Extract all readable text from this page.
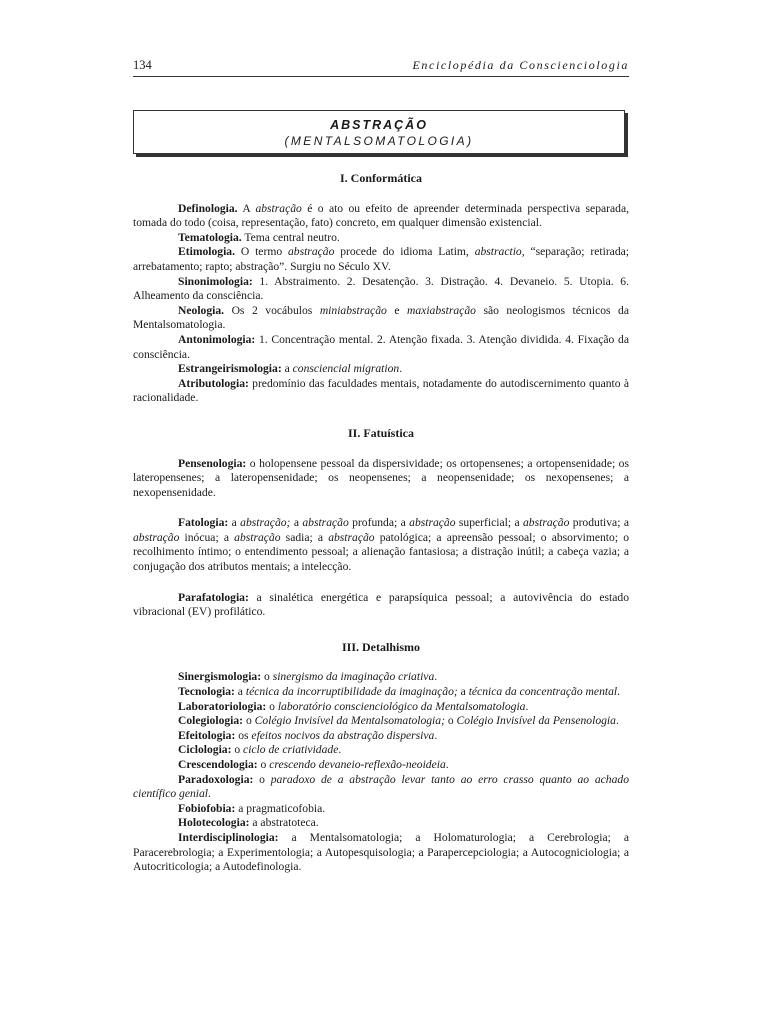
134	Enciclopédia da Conscienciologia
ABSTRAÇÃO
(MENTALSOMATOLOGIA)
I. Conformática

Definologia. A abstração é o ato ou efeito de apreender determinada perspectiva separada, tomada do todo (coisa, representação, fato) concreto, em qualquer dimensão existencial.

Tematologia. Tema central neutro.

Etimologia. O termo abstração procede do idioma Latim, abstractio, “separação; retirada; arrebatamento; rapto; abstração”. Surgiu no Século XV.

Sinonimologia: 1. Abstraimento. 2. Desatenção. 3. Distração. 4. Devaneio. 5. Utopia. 6. Alheamento da consciência.

Neologia. Os 2 vocábulos miniabstração e maxiabstração são neologismos técnicos da Mentalsomatologia.

Antonimologia: 1. Concentração mental. 2. Atenção fixada. 3. Atenção dividida. 4. Fixação da consciência.

Estrangeirismologia: a consciencial migration.

Atributologia: predomínio das faculdades mentais, notadamente do autodiscernimento quanto à racionalidade.

II. Fatuística

Pensenologia: o holopensene pessoal da dispersividade; os ortopensenes; a ortopensenidade; os lateropensenes; a lateropensenidade; os neopensenes; a neopensenidade; os nexopensenes; a nexopensenidade.

Fatologia: a abstração; a abstração profunda; a abstração superficial; a abstração produtiva; a abstração inócua; a abstração sadia; a abstração patológica; a apreensão pessoal; o absorvimento; o recolhimento íntimo; o entendimento pessoal; a alienação fantasiosa; a distração inútil; a cabeça vazia; a conjugação dos atributos mentais; a intelecção.

Parafatologia: a sinalética energética e parapsíquica pessoal; a autovivência do estado vibracional (EV) profilático.

III. Detalhismo

Sinergismologia: o sinergismo da imaginação criativa.

Tecnologia: a técnica da incorruptibilidade da imaginação; a técnica da concentração mental.

Laboratoriologia: o laboratório conscienciológico da Mentalsomatologia.

Colegiologia: o Colégio Invisível da Mentalsomatologia; o Colégio Invisível da Pensenologia.

Efeitologia: os efeitos nocivos da abstração dispersiva.

Ciclologia: o ciclo de criatividade.

Crescendologia: o crescendo devaneio-reflexão-neoideia.

Paradoxologia: o paradoxo de a abstração levar tanto ao erro crasso quanto ao achado científico genial.

Fobiofobia: a pragmaticofobia.

Holotecologia: a abstratoteca.

Interdisciplinologia: a Mentalsomatologia; a Holomaturologia; a Cerebrologia; a Paracerebrologia; a Experimentologia; a Autopesquisologia; a Parapercepciologia; a Autocogniciologia; a Autocriticologia; a Autodefinologia.
